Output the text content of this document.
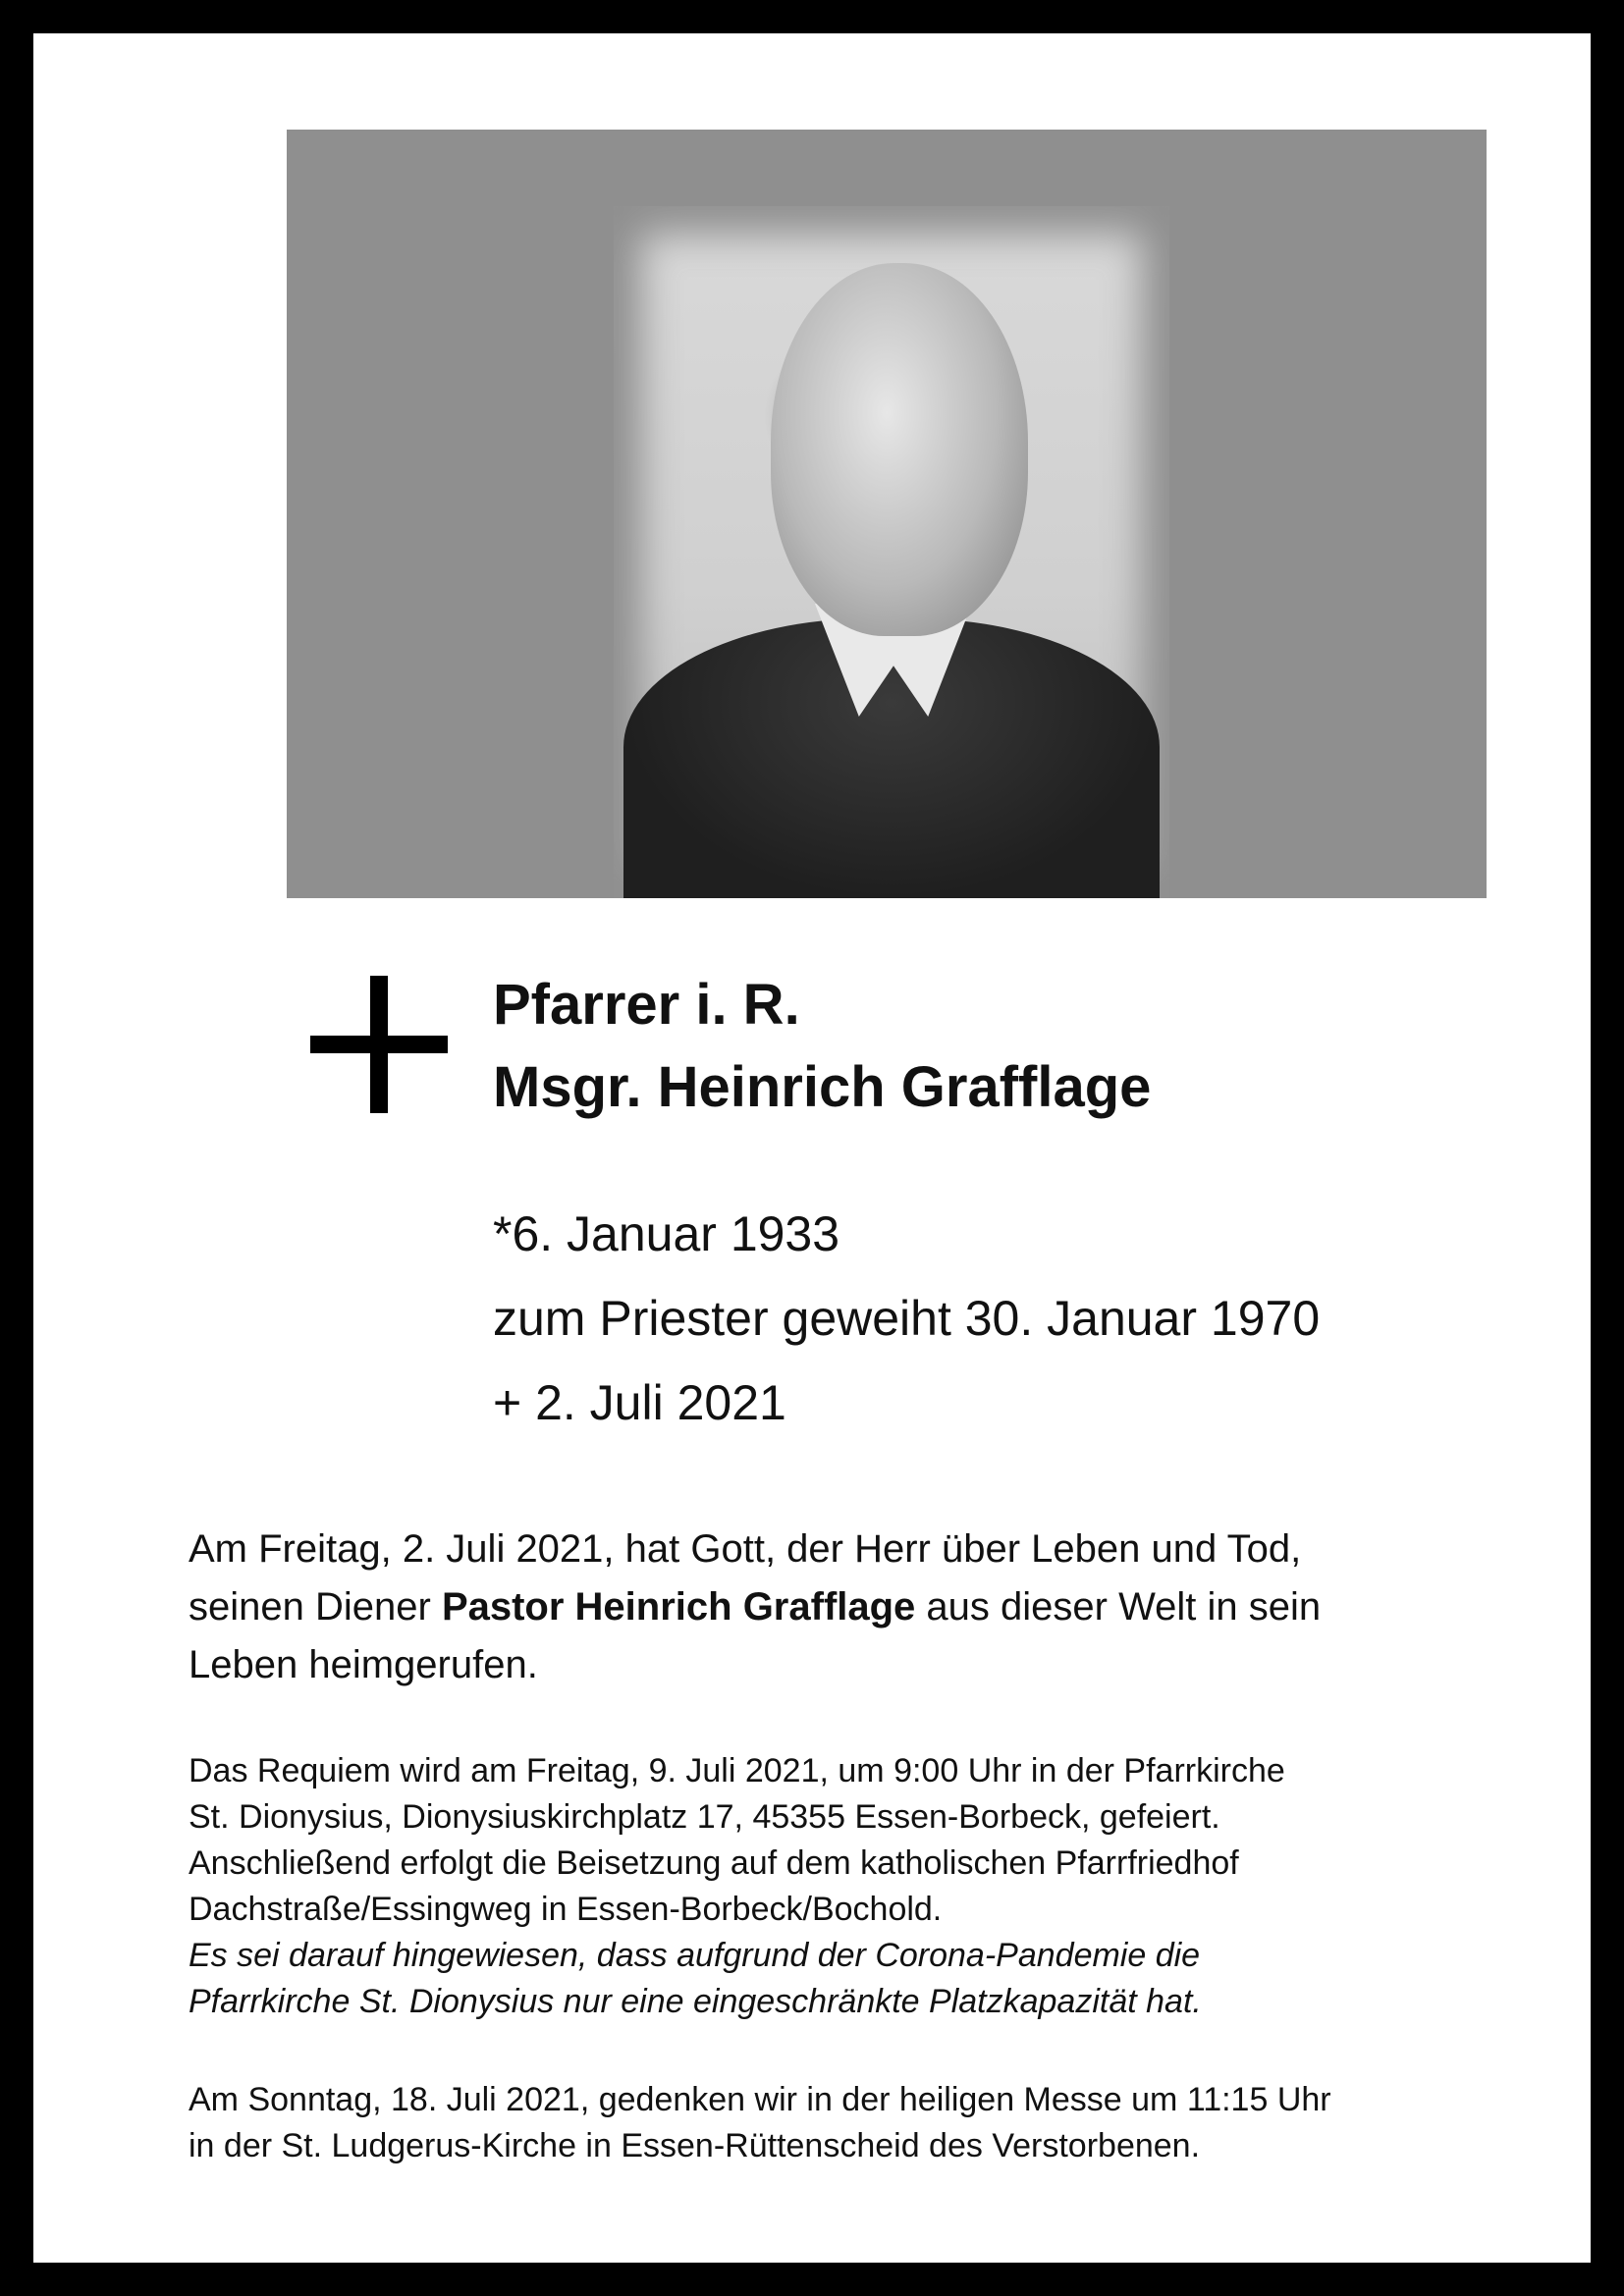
Pfarrer i. R.
Msgr. Heinrich Grafflage
*6. Januar 1933
zum Priester geweiht 30. Januar 1970
+ 2. Juli 2021

Am Freitag, 2. Juli 2021, hat Gott, der Herr über Leben und Tod,
seinen Diener Pastor Heinrich Grafflage aus dieser Welt in sein
Leben heimgerufen.

Das Requiem wird am Freitag, 9. Juli 2021, um 9:00 Uhr in der Pfarrkirche
St. Dionysius, Dionysiuskirchplatz 17, 45355 Essen-Borbeck, gefeiert.
Anschließend erfolgt die Beisetzung auf dem katholischen Pfarrfriedhof
Dachstraße/Essingweg in Essen-Borbeck/Bochold.
Es sei darauf hingewiesen, dass aufgrund der Corona-Pandemie die
Pfarrkirche St. Dionysius nur eine eingeschränkte Platzkapazität hat.

Am Sonntag, 18. Juli 2021, gedenken wir in der heiligen Messe um 11:15 Uhr
in der St. Ludgerus-Kirche in Essen-Rüttenscheid des Verstorbenen.
